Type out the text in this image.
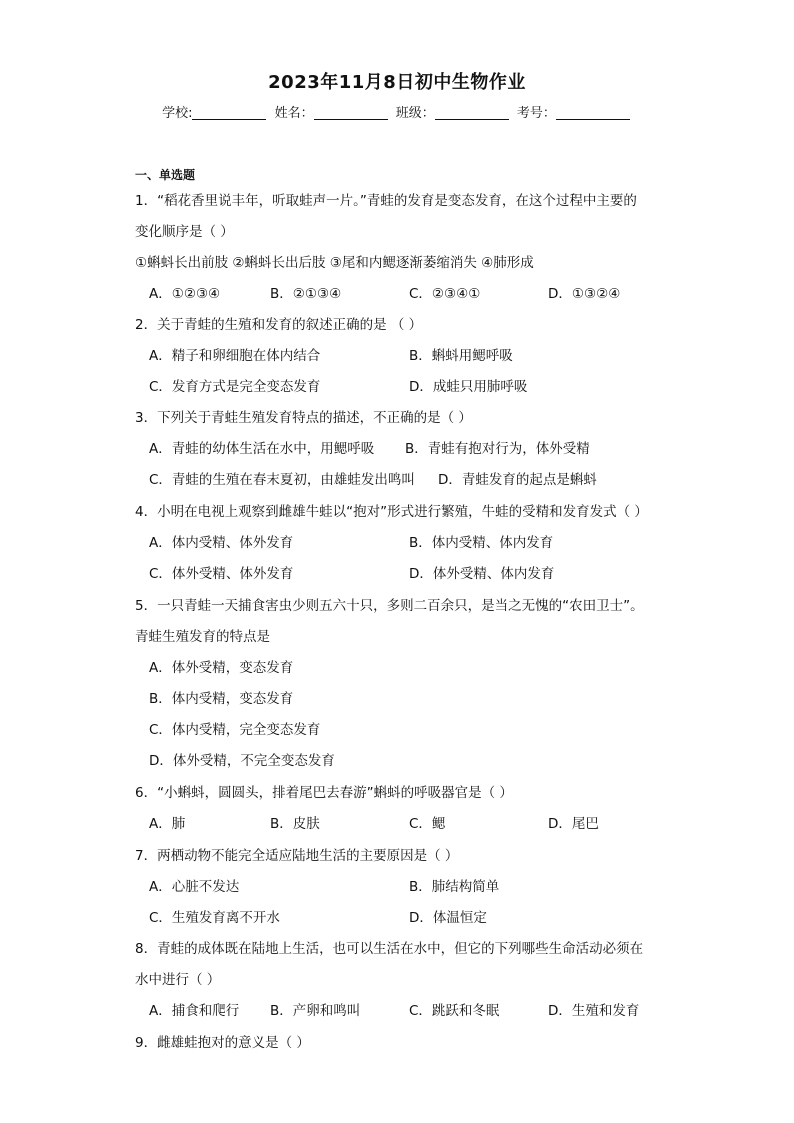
2023年11月8日初中生物作业
学校:	姓名：	班级：	考号：
一、单选题
1．“稻花香里说丰年，听取蛙声一片。”青蛙的发育是变态发育，在这个过程中主要的
变化顺序是（ ）
①蝌蚪长出前肢 ②蝌蚪长出后肢 ③尾和内鳃逐渐萎缩消失 ④肺形成
A．①②③④	B．②①③④	C．②③④①	D．①③②④
2．关于青蛙的生殖和发育的叙述正确的是 （ ）
A．精子和卵细胞在体内结合	B．蝌蚪用鳃呼吸
C．发育方式是完全变态发育	D．成蛙只用肺呼吸
3．下列关于青蛙生殖发育特点的描述，不正确的是（ ）
A．青蛙的幼体生活在水中，用鳃呼吸 B．青蛙有抱对行为，体外受精
C．青蛙的生殖在春末夏初，由雄蛙发出鸣叫 D．青蛙发育的起点是蝌蚪
4．小明在电视上观察到雌雄牛蛙以“抱对”形式进行繁殖，牛蛙的受精和发育发式（ ）
A．体内受精、体外发育	B．体内受精、体内发育
C．体外受精、体外发育	D．体外受精、体内发育
5．一只青蛙一天捕食害虫少则五六十只，多则二百余只，是当之无愧的“农田卫士”。
青蛙生殖发育的特点是
A．体外受精，变态发育
B．体内受精，变态发育
C．体内受精，完全变态发育
D．体外受精，不完全变态发育
6．“小蝌蚪，圆圆头，排着尾巴去春游”蝌蚪的呼吸器官是（ ）
A．肺	B．皮肤	C．鳃	D．尾巴
7．两栖动物不能完全适应陆地生活的主要原因是（ ）
A．心脏不发达	B．肺结构简单
C．生殖发育离不开水	D．体温恒定
8．青蛙的成体既在陆地上生活，也可以生活在水中，但它的下列哪些生命活动必须在
水中进行（ ）
A．捕食和爬行 B．产卵和鸣叫	C．跳跃和冬眠	D．生殖和发育
9．雌雄蛙抱对的意义是（ ）
